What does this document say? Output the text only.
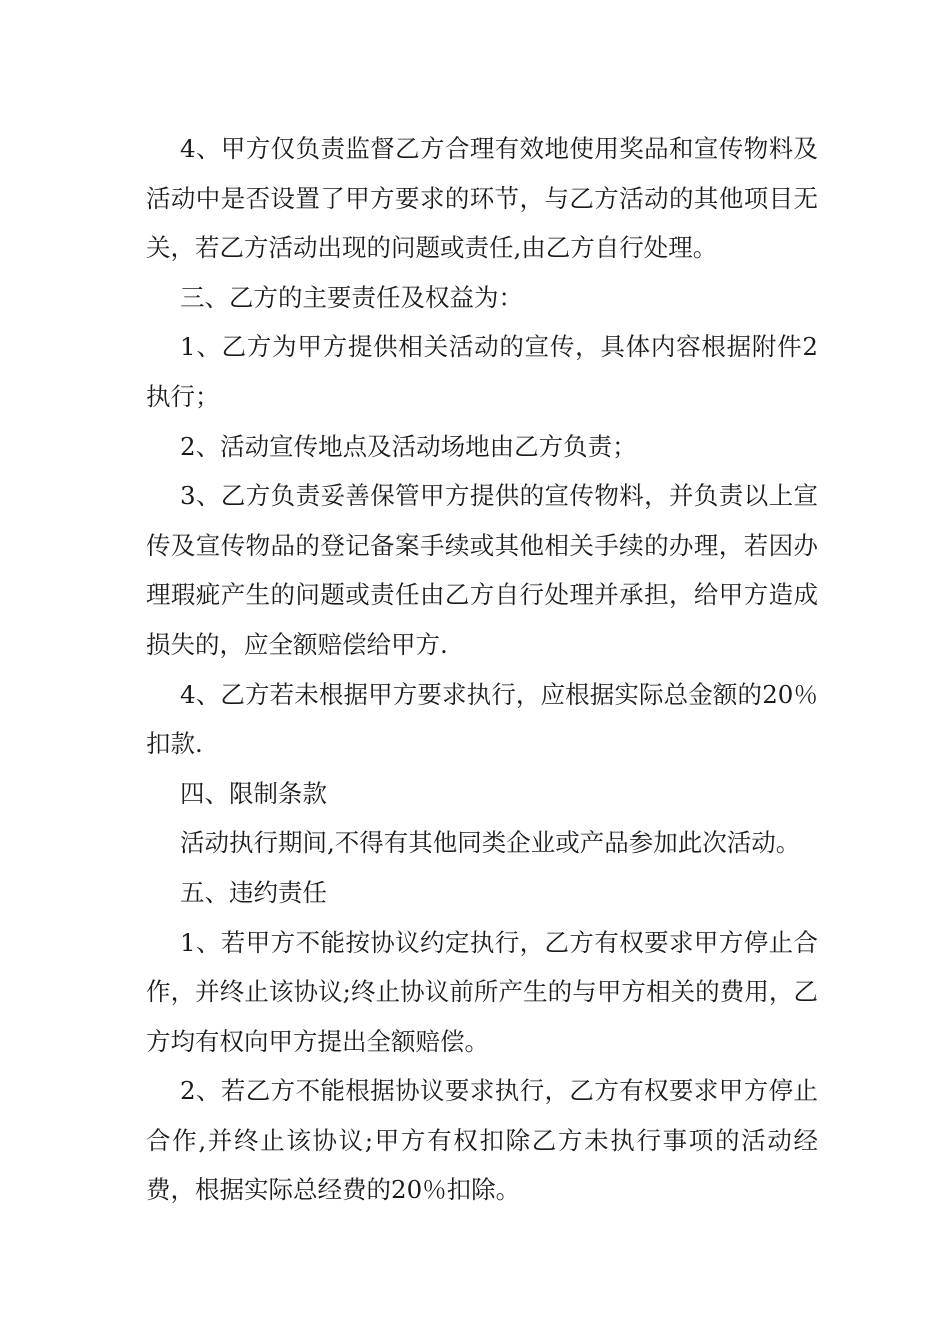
4、甲方仅负责监督乙方合理有效地使用奖品和宣传物料及活动中是否设置了甲方要求的环节，与乙方活动的其他项目无关，若乙方活动出现的问题或责任,由乙方自行处理。

三、乙方的主要责任及权益为：

1、乙方为甲方提供相关活动的宣传，具体内容根据附件2执行；

2、活动宣传地点及活动场地由乙方负责；

3、乙方负责妥善保管甲方提供的宣传物料，并负责以上宣传及宣传物品的登记备案手续或其他相关手续的办理，若因办理瑕疵产生的问题或责任由乙方自行处理并承担，给甲方造成损失的，应全额赔偿给甲方.

4、乙方若未根据甲方要求执行，应根据实际总金额的20％扣款.

四、限制条款

活动执行期间,不得有其他同类企业或产品参加此次活动。

五、违约责任

1、若甲方不能按协议约定执行，乙方有权要求甲方停止合作，并终止该协议;终止协议前所产生的与甲方相关的费用，乙方均有权向甲方提出全额赔偿。

2、若乙方不能根据协议要求执行，乙方有权要求甲方停止合作,并终止该协议;甲方有权扣除乙方未执行事项的活动经费，根据实际总经费的20％扣除。
